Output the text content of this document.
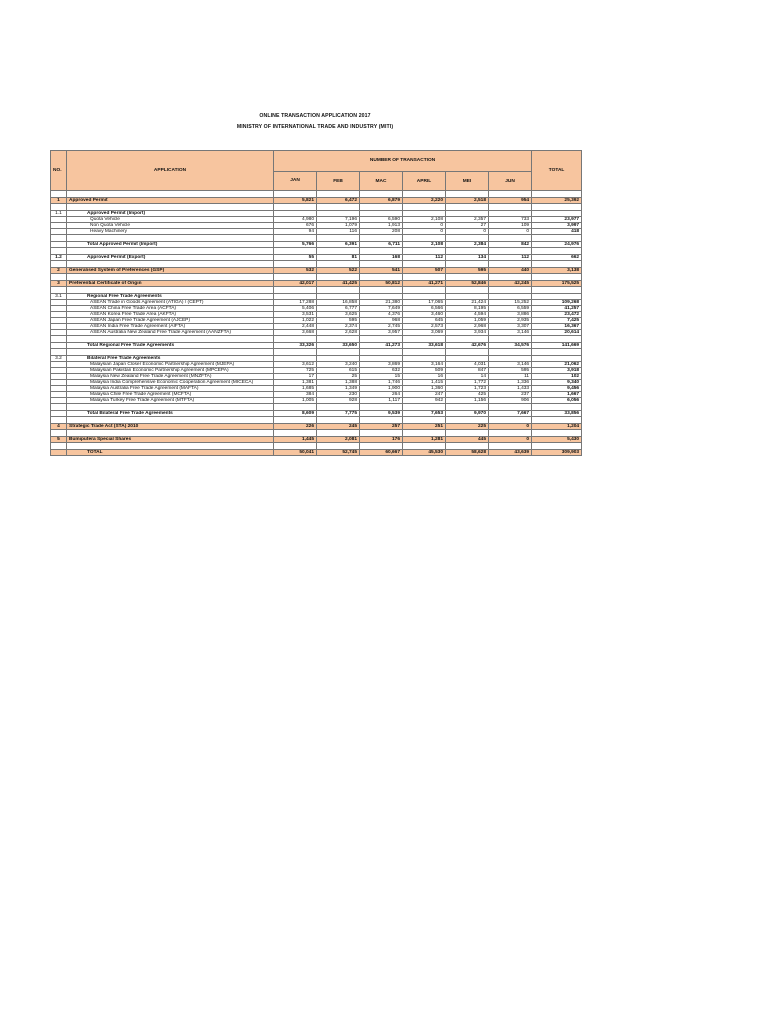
ONLINE TRANSACTION APPLICATION 2017
MINISTRY OF INTERNATIONAL TRADE AND INDUSTRY (MITI)
NO.	APPLICATION	NUMBER OF TRANSACTION						TOTAL
		JAN	FEB	MAC	APRIL	MEI	JUN	

1	Approved Permit	5,821	6,472	6,879	2,220	2,518	954	25,392

1.1	Approved Permit (Import)							
	Quota Vehicle	4,980	7,196	6,590	2,108	2,357	733	23,977
	Non Quota Vehicle	676	1,079	1,913	0	27	109	3,997
	Heavy Machinery	94	116	208	0	0	0	418

	Total Approved Permit (Import)	5,766	6,391	6,711	2,108	2,384	842	24,976

1.2	Approved Permit (Export)	55	81	168	112	134	112	662

2	Generalised System of Preferences (GSP)	532	522	541	507	595	440	3,138

3	Preferential Certificate of Origin	42,017	41,425	50,812	41,271	52,846	42,245	175,525

3.1	Regional Free Trade Agreements							
	ASEAN Trade in Goods Agreement (ATIGA) / (CEPT)	17,288	16,858	21,380	17,065	21,424	15,252	109,268
	ASEAN China Free Trade Area (ACFTA)	5,406	6,777	7,649	6,566	8,195	6,559	41,257
	ASEAN Korea Free Trade Area (AKFTA)	3,531	3,625	4,376	3,460	4,594	3,886	23,472
	ASEAN Japan Free Trade Agreement (AJCEP)	1,022	595	968	645	1,059	2,935	7,425
	ASEAN India Free Trade Agreement (AIFTA)	2,448	2,374	2,745	2,573	2,968	3,307	16,367
	ASEAN Australia New Zealand Free Trade Agreement (AANZFTA)	3,668	2,628	3,957	3,069	3,934	3,146	20,614

	Total Regional Free Trade Agreements	33,326	33,650	41,273	33,618	42,676	34,576	141,669

3.2	Bilateral Free Trade Agreements							
	Malaysian Japan Closer Economic Partnership Agreement (MJEPA)	3,612	3,240	3,869	3,164	4,031	3,146	21,062
	Malaysian Pakistan Economic Partnership Agreement (MPCEPA)	725	615	632	509	847	595	3,918
	Malaysia New Zealand Free Trade Agreement (MNZFTA)	17	25	15	16	14	11	102
	Malaysia India Comprehensive Economic Cooperation Agreement (MICECA)	1,381	1,388	1,746	1,415	1,772	1,336	9,340
	Malaysia Australia Free Trade Agreement (MAFTA)	1,685	1,349	1,900	1,360	1,723	1,433	9,456
	Malaysia Chile Free Trade Agreement (MCFTA)	384	230	264	247	425	237	1,667
	Malaysia Turkey Free Trade Agreement (MTFTA)	1,005	928	1,117	942	1,156	906	6,056

	Total Bilateral Free Trade Agreements	8,609	7,775	9,539	7,653	9,970	7,667	33,856

4	Strategic Trade Act (STA) 2010	226	245	257	251	225	0	1,204

5	Bumiputera Special Shares	1,445	2,081	176	1,281	445	0	5,430

	TOTAL	50,041	52,745	60,667	45,530	58,628	43,639	309,903
